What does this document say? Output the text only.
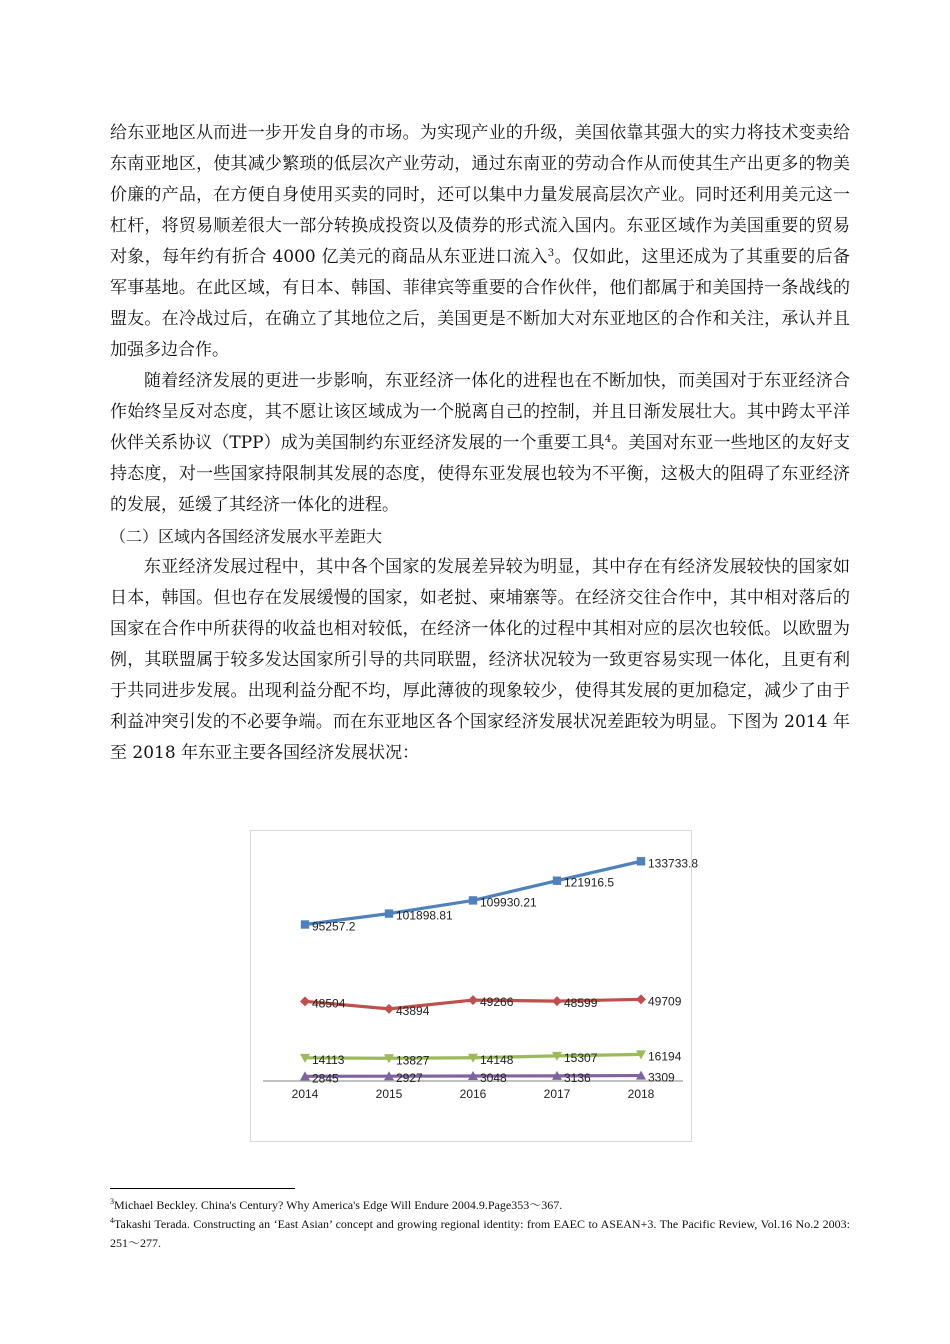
给东亚地区从而进一步开发自身的市场。为实现产业的升级，美国依靠其强大的实力将技术变卖给东南亚地区，使其减少繁琐的低层次产业劳动，通过东南亚的劳动合作从而使其生产出更多的物美价廉的产品，在方便自身使用买卖的同时，还可以集中力量发展高层次产业。同时还利用美元这一杠杆，将贸易顺差很大一部分转换成投资以及债券的形式流入国内。东亚区域作为美国重要的贸易对象，每年约有折合 4000 亿美元的商品从东亚进口流入$^3$。仅如此，这里还成为了其重要的后备军事基地。在此区域，有日本、韩国、菲律宾等重要的合作伙伴，他们都属于和美国持一条战线的盟友。在冷战过后，在确立了其地位之后，美国更是不断加大对东亚地区的合作和关注，承认并且加强多边合作。

随着经济发展的更进一步影响，东亚经济一体化的进程也在不断加快，而美国对于东亚经济合作始终呈反对态度，其不愿让该区域成为一个脱离自己的控制，并且日渐发展壮大。其中跨太平洋伙伴关系协议（TPP）成为美国制约东亚经济发展的一个重要工具$^4$。美国对东亚一些地区的友好支持态度，对一些国家持限制其发展的态度，使得东亚发展也较为不平衡，这极大的阻碍了东亚经济的发展，延缓了其经济一体化的进程。

（二）区域内各国经济发展水平差距大

东亚经济发展过程中，其中各个国家的发展差异较为明显，其中存在有经济发展较快的国家如日本，韩国。但也存在发展缓慢的国家，如老挝、柬埔寨等。在经济交往合作中，其中相对落后的国家在合作中所获得的收益也相对较低，在经济一体化的过程中其相对应的层次也较低。以欧盟为例，其联盟属于较多发达国家所引导的共同联盟，经济状况较为一致更容易实现一体化，且更有利于共同进步发展。出现利益分配不均，厚此薄彼的现象较少，使得其发展的更加稳定，减少了由于利益冲突引发的不必要争端。而在东亚地区各个国家经济发展状况差距较为明显。下图为 2014 年至 2018 年东亚主要各国经济发展状况：

2014	2015	2016	2017	2018
95257.2
101898.81
109930.21
121916.5
133733.8
48504
43894
49266	48599	49709
14113	13827	14148	15307	16194
2845	2927	3048	3136	3309

$^3$Michael Beckley. China's Century? Why America's Edge Will Endure 2004.9.Page353～367.

$^4$Takashi Terada. Constructing an ‘East Asian’ concept and growing regional identity: from EAEC to ASEAN+3. The Pacific Review, Vol.16 No.2 2003: 251～277.
